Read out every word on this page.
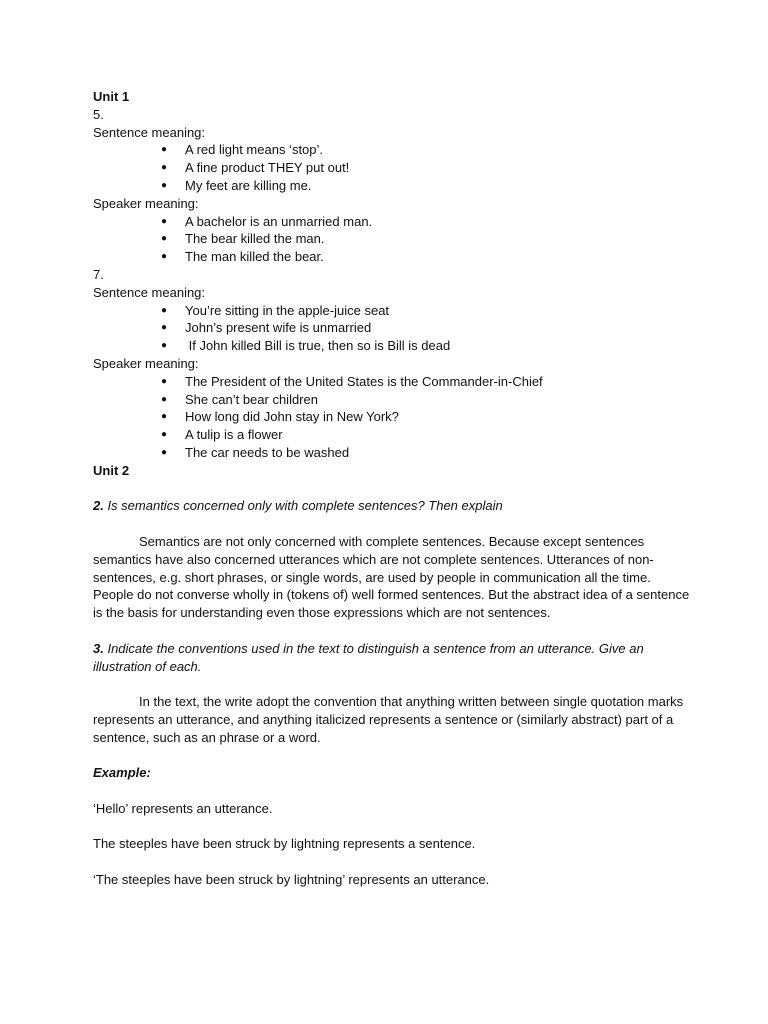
Unit 1
5.
Sentence meaning:
● A red light means ‘stop’.
● A fine product THEY put out!
● My feet are killing me.
Speaker meaning:
● A bachelor is an unmarried man.
● The bear killed the man.
● The man killed the bear.
7.
Sentence meaning:
● You’re sitting in the apple-juice seat
● John’s present wife is unmarried
● If John killed Bill is true, then so is Bill is dead
Speaker meaning:
● The President of the United States is the Commander-in-Chief
● She can’t bear children
● How long did John stay in New York?
● A tulip is a flower
● The car needs to be washed
Unit 2
2. Is semantics concerned only with complete sentences? Then explain

Semantics are not only concerned with complete sentences. Because except sentences semantics have also concerned utterances which are not complete sentences. Utterances of non-sentences, e.g. short phrases, or single words, are used by people in communication all the time. People do not converse wholly in (tokens of) well formed sentences. But the abstract idea of a sentence is the basis for understanding even those expressions which are not sentences.

3. Indicate the conventions used in the text to distinguish a sentence from an utterance. Give an illustration of each.

In the text, the write adopt the convention that anything written between single quotation marks represents an utterance, and anything italicized represents a sentence or (similarly abstract) part of a sentence, such as an phrase or a word.

Example:
‘Hello’ represents an utterance.
The steeples have been struck by lightning represents a sentence.
‘The steeples have been struck by lightning’ represents an utterance.
